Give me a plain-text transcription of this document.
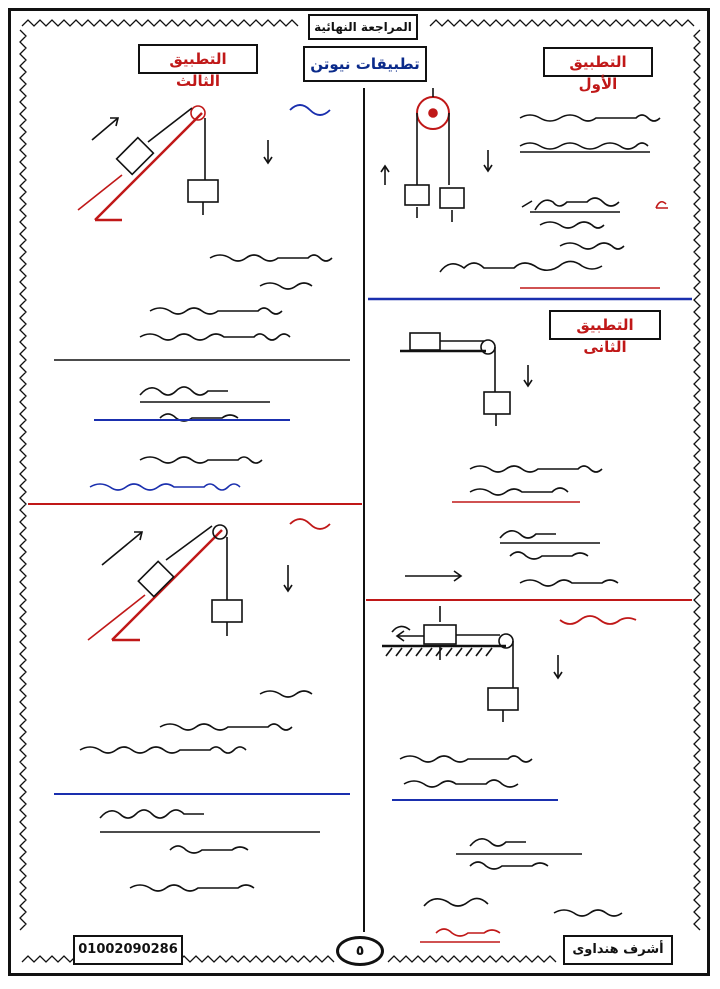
المراجعة النهائية
تطبيقات نيوتن	التطبيق الأول
التطبيق الثانى
التطبيق الثالث
01002090286	٥	أشرف هنداوى
